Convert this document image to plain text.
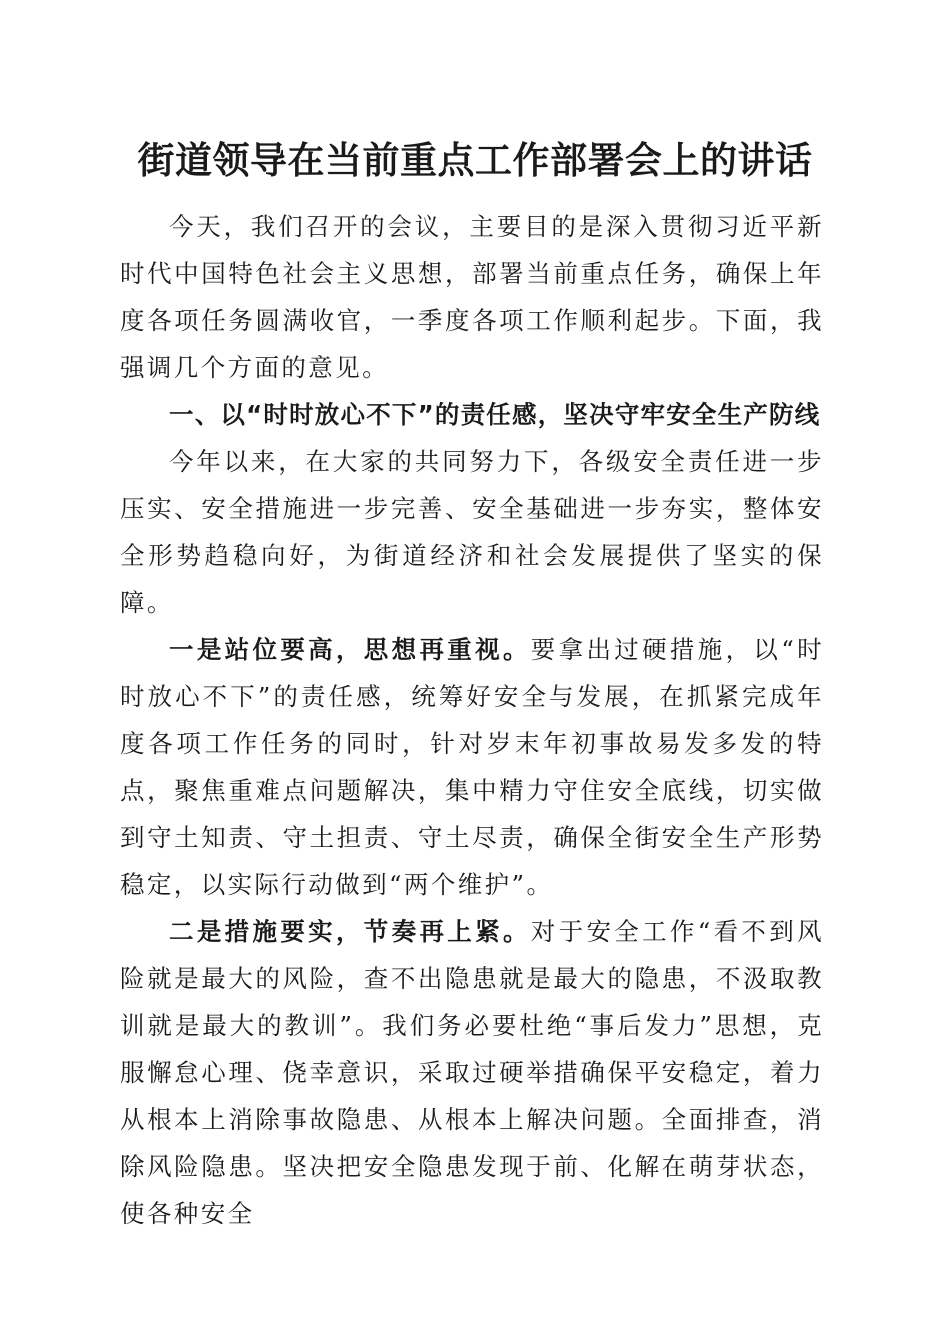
街道领导在当前重点工作部署会上的讲话

今天，我们召开的会议，主要目的是深入贯彻习近平新时代中国特色社会主义思想，部署当前重点任务，确保上年度各项任务圆满收官，一季度各项工作顺利起步。下面，我强调几个方面的意见。

一、以“时时放心不下”的责任感，坚决守牢安全生产防线

今年以来，在大家的共同努力下，各级安全责任进一步压实、安全措施进一步完善、安全基础进一步夯实，整体安全形势趋稳向好，为街道经济和社会发展提供了坚实的保障。

一是站位要高，思想再重视。要拿出过硬措施，以“时时放心不下”的责任感，统筹好安全与发展，在抓紧完成年度各项工作任务的同时，针对岁末年初事故易发多发的特点，聚焦重难点问题解决，集中精力守住安全底线，切实做到守土知责、守土担责、守土尽责，确保全街安全生产形势稳定，以实际行动做到“两个维护”。

二是措施要实，节奏再上紧。对于安全工作“看不到风险就是最大的风险，查不出隐患就是最大的隐患，不汲取教训就是最大的教训”。我们务必要杜绝“事后发力”思想，克服懈怠心理、侥幸意识，采取过硬举措确保平安稳定，着力从根本上消除事故隐患、从根本上解决问题。全面排查，消除风险隐患。坚决把安全隐患发现于前、化解在萌芽状态，使各种安全
